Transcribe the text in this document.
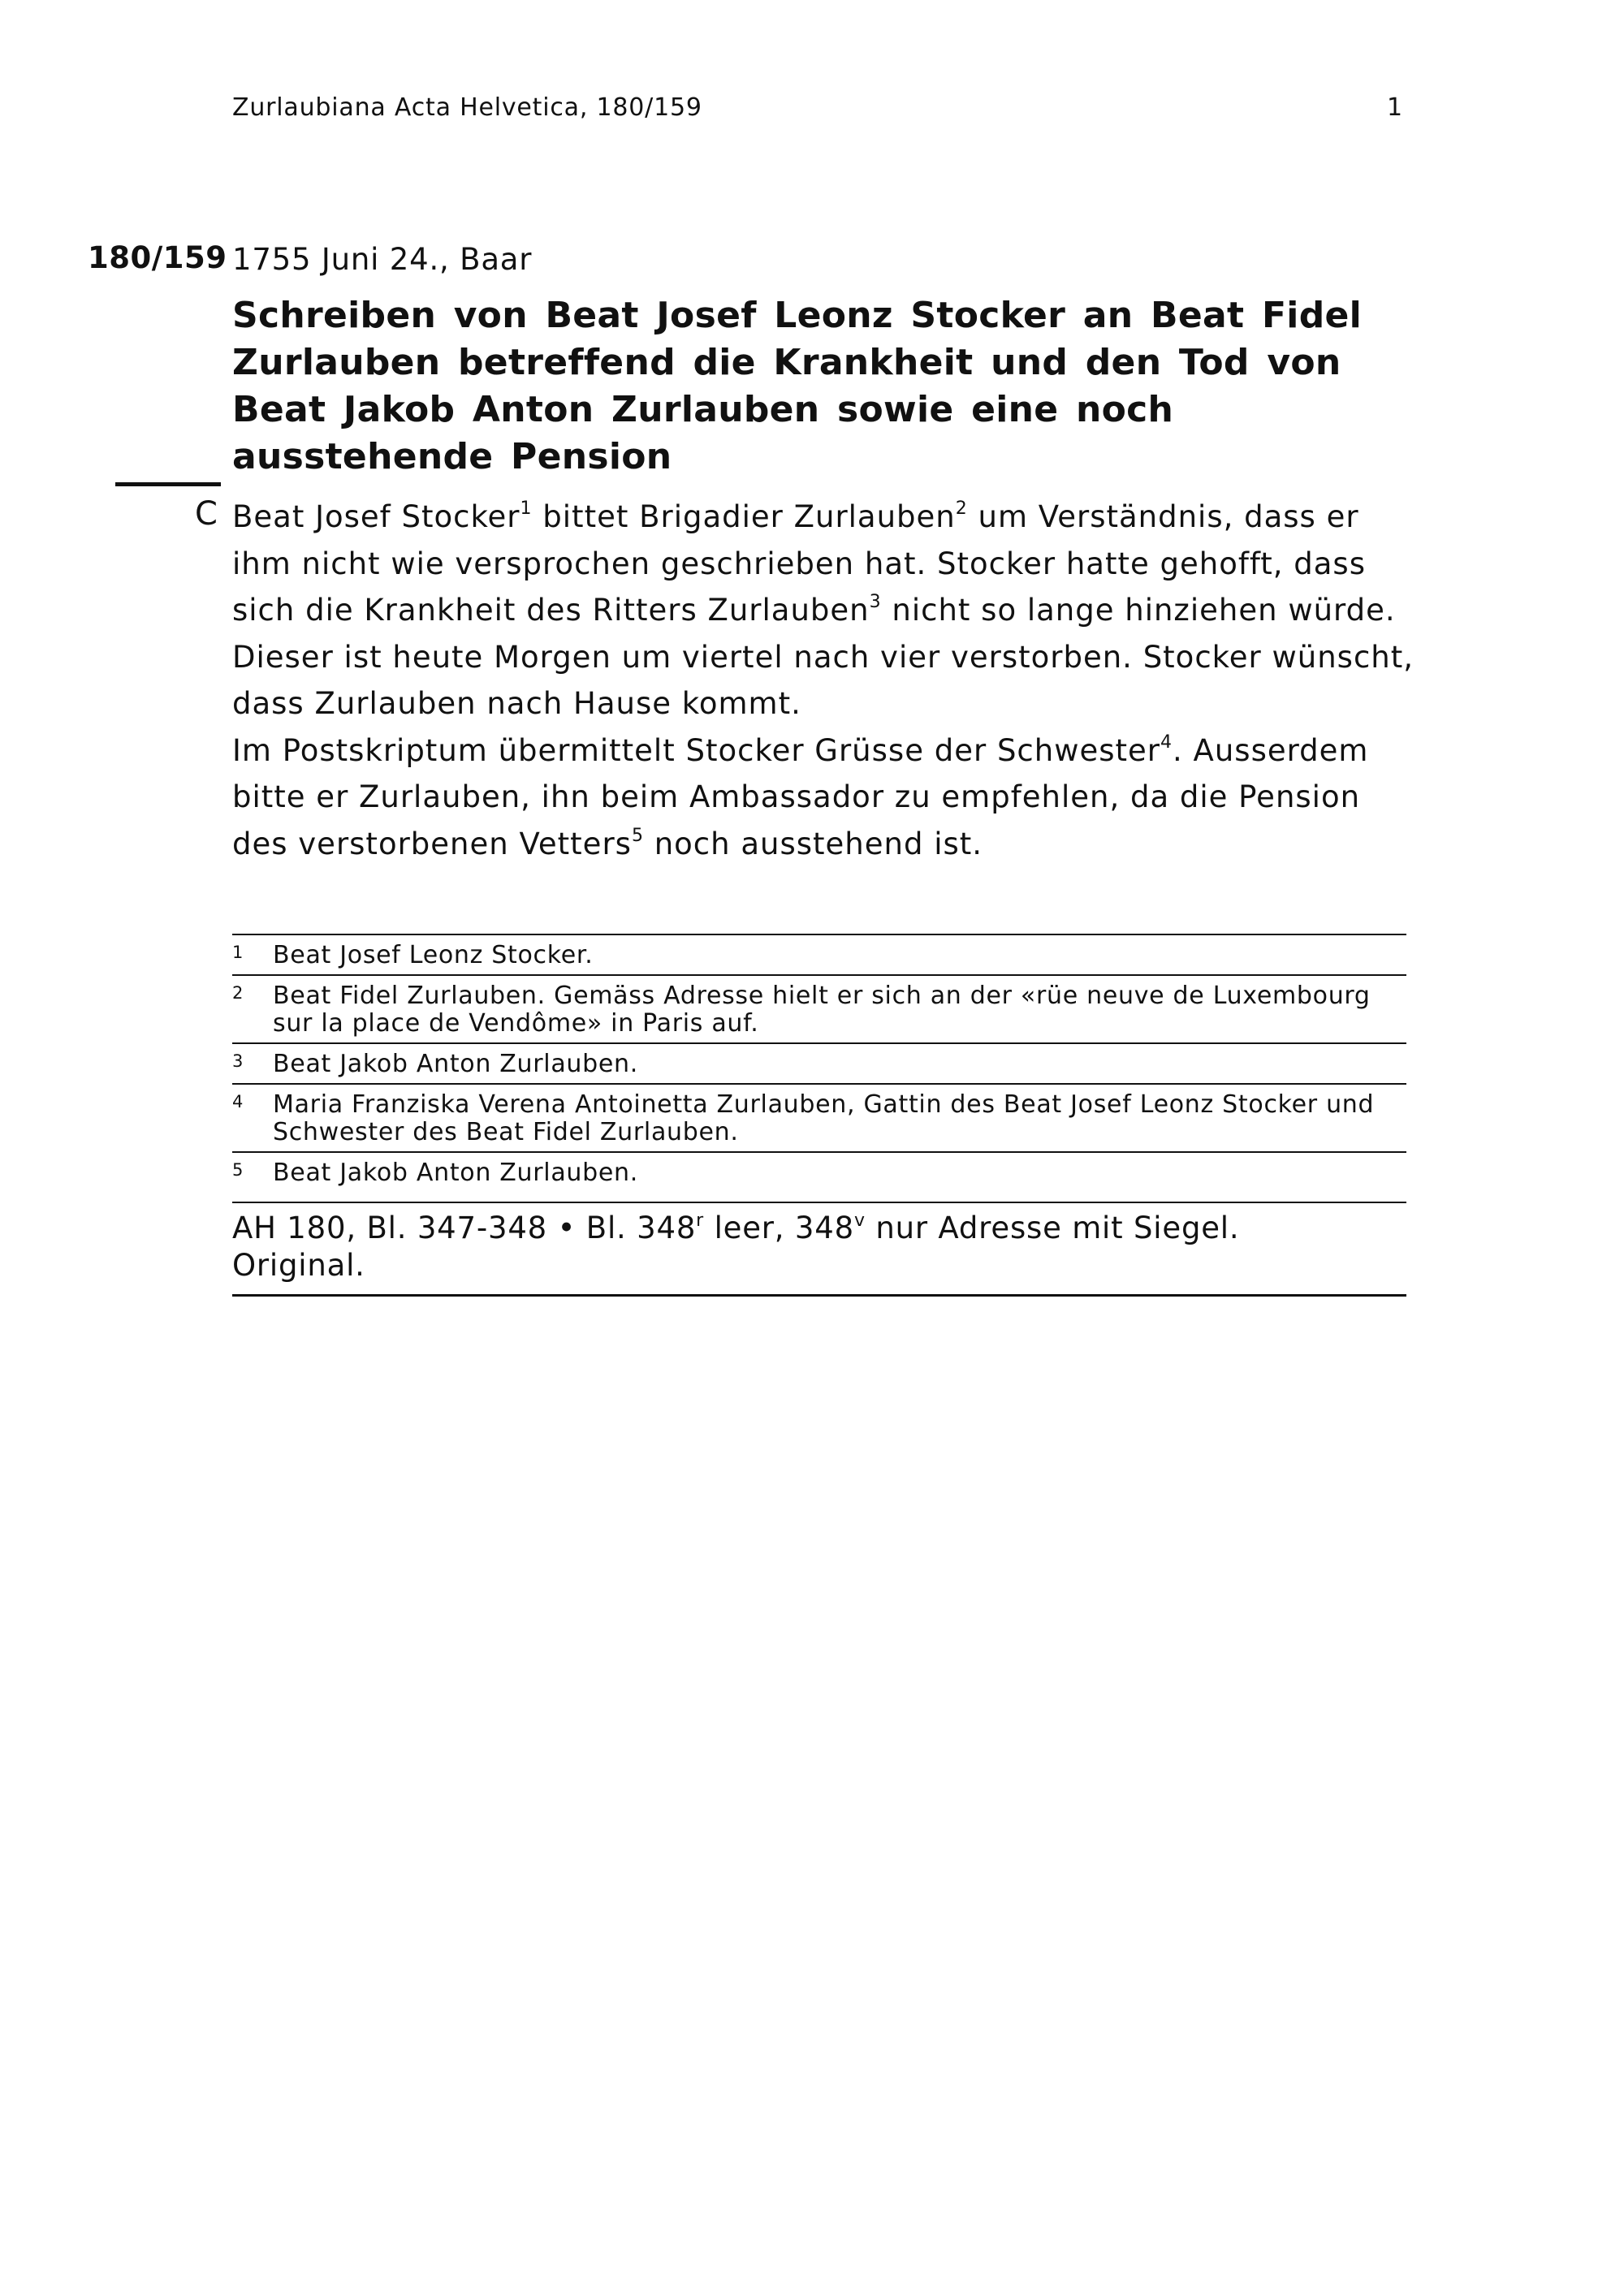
Zurlaubiana Acta Helvetica, 180/159	1
180/159 1755 Juni 24., Baar
Schreiben von Beat Josef Leonz Stocker an Beat Fidel Zurlauben betreffend die Krankheit und den Tod von Beat Jakob Anton Zurlauben sowie eine noch ausstehende Pension
C Beat Josef Stocker$^1$ bittet Brigadier Zurlauben$^2$ um Verständnis, dass er ihm nicht wie versprochen geschrieben hat. Stocker hatte gehofft, dass sich die Krankheit des Ritters Zurlauben$^3$ nicht so lange hinziehen würde. Dieser ist heute Morgen um viertel nach vier verstorben. Stocker wünscht, dass Zurlauben nach Hause kommt.

Im Postskriptum übermittelt Stocker Grüsse der Schwester$^4$. Ausserdem bitte er Zurlauben, ihn beim Ambassador zu empfehlen, da die Pension des verstorbenen Vetters$^5$ noch ausstehend ist.

1 Beat Josef Leonz Stocker.
2 Beat Fidel Zurlauben. Gemäss Adresse hielt er sich an der «rüe neuve de Luxembourg sur la place de Vendôme» in Paris auf.
3 Beat Jakob Anton Zurlauben.
4 Maria Franziska Verena Antoinetta Zurlauben, Gattin des Beat Josef Leonz Stocker und Schwester des Beat Fidel Zurlauben.
5 Beat Jakob Anton Zurlauben.
AH 180, Bl. 347-348 • Bl. 348$^r$ leer, 348$^v$ nur Adresse mit Siegel.
Original.
